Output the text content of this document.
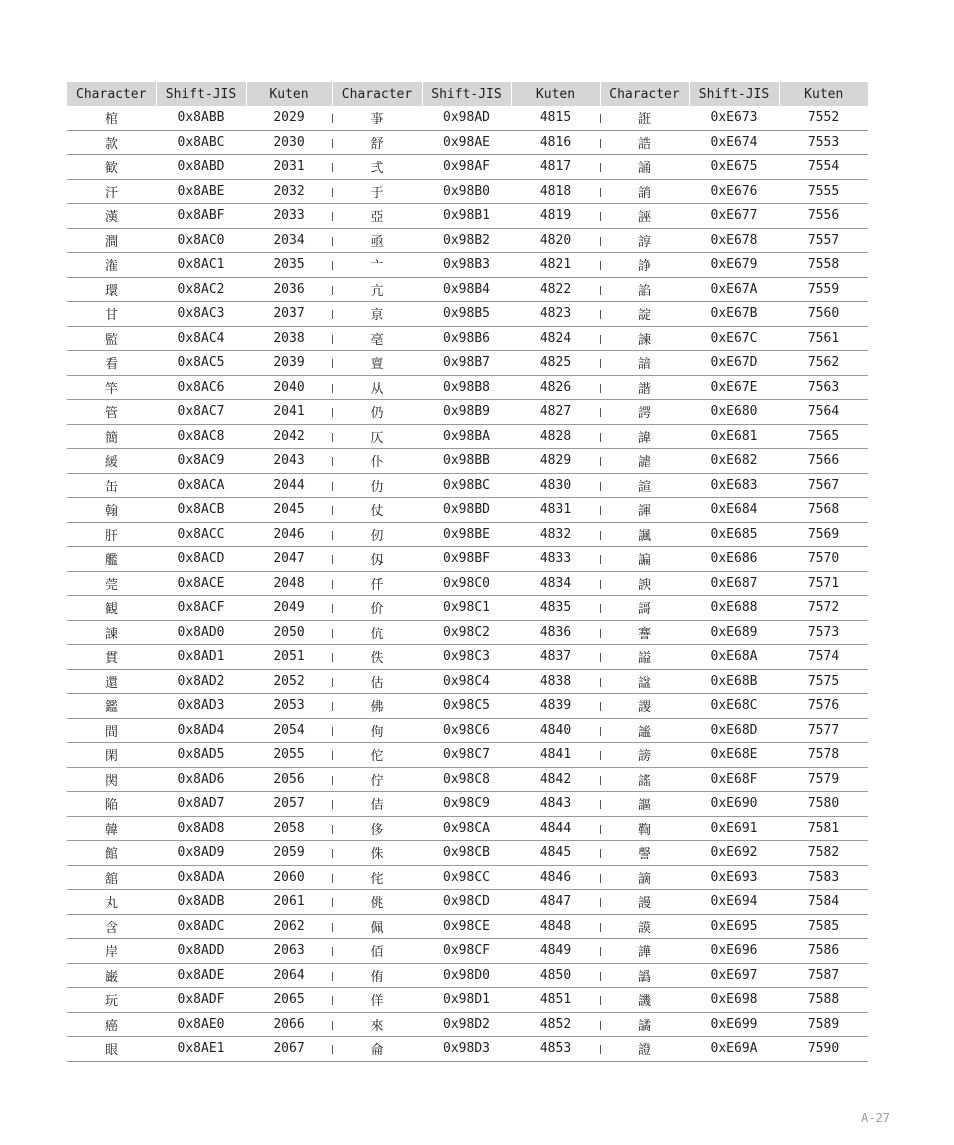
Character	Shift-JIS	Kuten	Character	Shift-JIS	Kuten	Character	Shift-JIS	Kuten
棺	0x8ABB	2029	亊	0x98AD	4815	誑	0xE673	7552
款	0x8ABC	2030	舒	0x98AE	4816	誥	0xE674	7553
歓	0x8ABD	2031	弍	0x98AF	4817	誦	0xE675	7554
汗	0x8ABE	2032	于	0x98B0	4818	誚	0xE676	7555
漢	0x8ABF	2033	亞	0x98B1	4819	誣	0xE677	7556
澗	0x8AC0	2034	亟	0x98B2	4820	諄	0xE678	7557
潅	0x8AC1	2035	亠	0x98B3	4821	諍	0xE679	7558
環	0x8AC2	2036	亢	0x98B4	4822	諂	0xE67A	7559
甘	0x8AC3	2037	亰	0x98B5	4823	諚	0xE67B	7560
監	0x8AC4	2038	亳	0x98B6	4824	諫	0xE67C	7561
看	0x8AC5	2039	亶	0x98B7	4825	諳	0xE67D	7562
竿	0x8AC6	2040	从	0x98B8	4826	諧	0xE67E	7563
管	0x8AC7	2041	仍	0x98B9	4827	諤	0xE680	7564
簡	0x8AC8	2042	仄	0x98BA	4828	諱	0xE681	7565
緩	0x8AC9	2043	仆	0x98BB	4829	謔	0xE682	7566
缶	0x8ACA	2044	仂	0x98BC	4830	諠	0xE683	7567
翰	0x8ACB	2045	仗	0x98BD	4831	諢	0xE684	7568
肝	0x8ACC	2046	仞	0x98BE	4832	諷	0xE685	7569
艦	0x8ACD	2047	仭	0x98BF	4833	諞	0xE686	7570
莞	0x8ACE	2048	仟	0x98C0	4834	諛	0xE687	7571
観	0x8ACF	2049	价	0x98C1	4835	謌	0xE688	7572
諌	0x8AD0	2050	伉	0x98C2	4836	謇	0xE689	7573
貫	0x8AD1	2051	佚	0x98C3	4837	謚	0xE68A	7574
還	0x8AD2	2052	估	0x98C4	4838	諡	0xE68B	7575
鑑	0x8AD3	2053	佛	0x98C5	4839	謖	0xE68C	7576
間	0x8AD4	2054	佝	0x98C6	4840	謐	0xE68D	7577
閑	0x8AD5	2055	佗	0x98C7	4841	謗	0xE68E	7578
関	0x8AD6	2056	佇	0x98C8	4842	謠	0xE68F	7579
陥	0x8AD7	2057	佶	0x98C9	4843	謳	0xE690	7580
韓	0x8AD8	2058	侈	0x98CA	4844	鞫	0xE691	7581
館	0x8AD9	2059	侏	0x98CB	4845	謦	0xE692	7582
舘	0x8ADA	2060	侘	0x98CC	4846	謫	0xE693	7583
丸	0x8ADB	2061	佻	0x98CD	4847	謾	0xE694	7584
含	0x8ADC	2062	佩	0x98CE	4848	謨	0xE695	7585
岸	0x8ADD	2063	佰	0x98CF	4849	譁	0xE696	7586
巌	0x8ADE	2064	侑	0x98D0	4850	譌	0xE697	7587
玩	0x8ADF	2065	佯	0x98D1	4851	譏	0xE698	7588
癌	0x8AE0	2066	來	0x98D2	4852	譎	0xE699	7589
眼	0x8AE1	2067	侖	0x98D3	4853	證	0xE69A	7590
A-27
